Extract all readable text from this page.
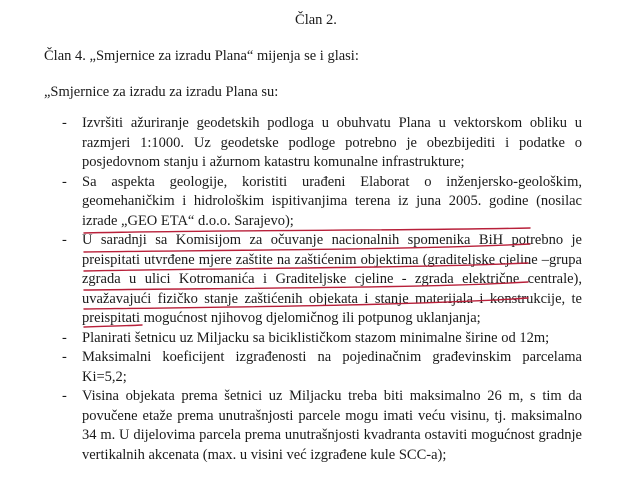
Član 2.
Član 4. „Smjernice za izradu Plana“ mijenja se i glasi:
„Smjernice za izradu za izradu Plana su:
- Izvršiti ažuriranje geodetskih podloga u obuhvatu Plana u vektorskom obliku u razmjeri 1:1000. Uz geodetske podloge potrebno je obezbijediti i podatke o posjedovnom stanju i ažurnom katastru komunalne infrastrukture;
- Sa aspekta geologije, koristiti urađeni Elaborat o inženjersko-geološkim, geomehaničkim i hidrološkim ispitivanjima terena iz juna 2005. godine (nosilac izrade „GEO ETA“ d.o.o. Sarajevo);
- U saradnji sa Komisijom za očuvanje nacionalnih spomenika BiH potrebno je preispitati utvrđene mjere zaštite na zaštićenim objektima (graditeljske cjeline –grupa zgrada u ulici Kotromanića i Graditeljske cjeline - zgrada električne centrale), uvažavajući fizičko stanje zaštićenih objekata i stanje materijala i konstrukcije, te preispitati mogućnost njihovog djelomičnog ili potpunog uklanjanja;
- Planirati šetnicu uz Miljacku sa biciklističkom stazom minimalne širine od 12m;
- Maksimalni koeficijent izgrađenosti na pojedinačnim građevinskim parcelama Ki=5,2;
- Visina objekata prema šetnici uz Miljacku treba biti maksimalno 26 m, s tim da povučene etaže prema unutrašnjosti parcele mogu imati veću visinu, tj. maksimalno 34 m. U dijelovima parcela prema unutrašnjosti kvadranta ostaviti mogućnost gradnje vertikalnih akcenata (max. u visini već izgrađene kule SCC-a);
